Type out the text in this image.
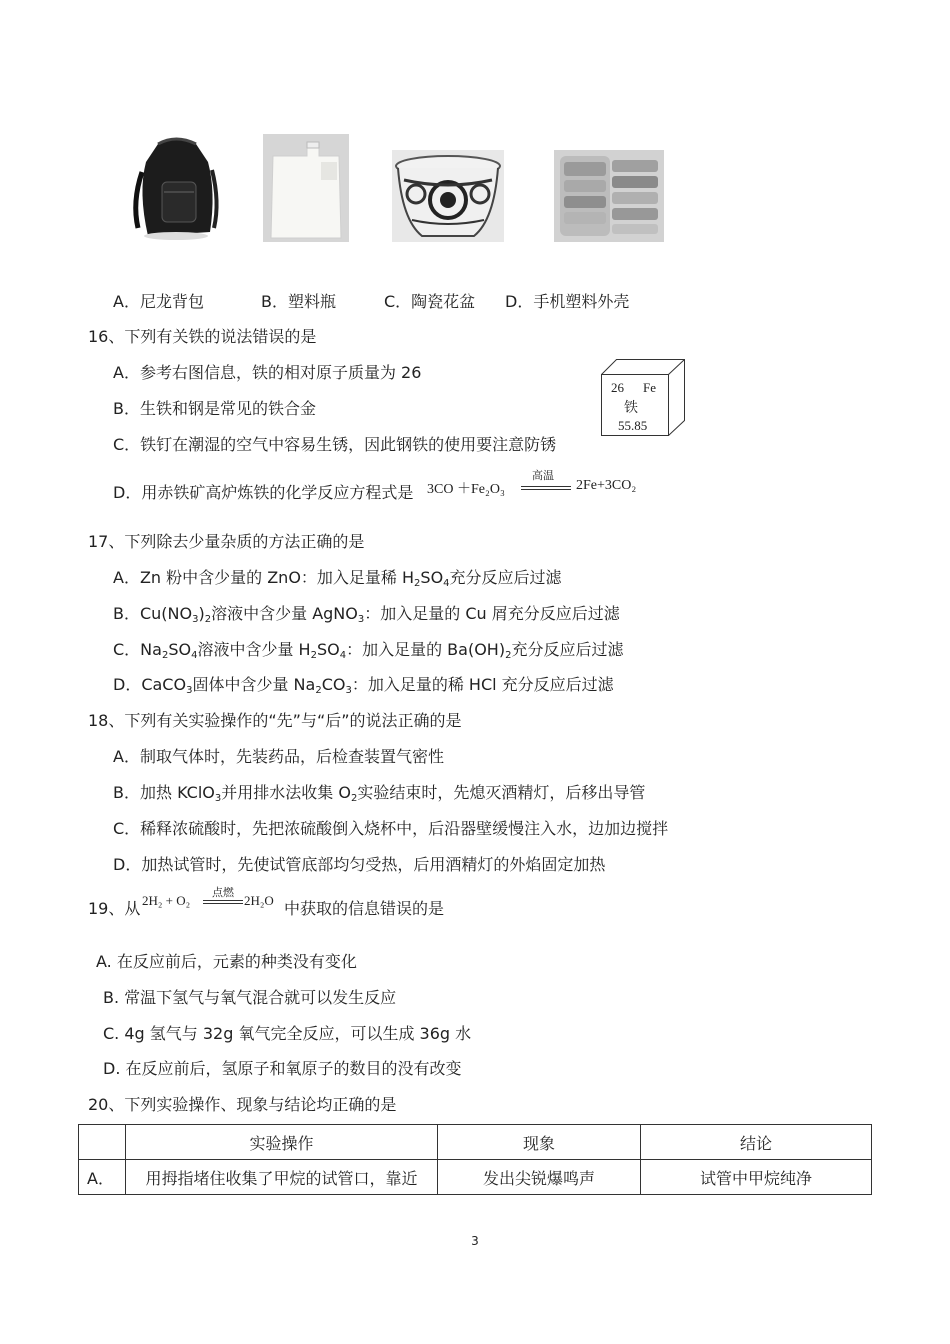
A．尼龙背包	B．塑料瓶	C．陶瓷花盆 D．手机塑料外壳
16、下列有关铁的说法错误的是
A．参考右图信息，铁的相对原子质量为 26
B．生铁和钢是常见的铁合金
C．铁钉在潮湿的空气中容易生锈，因此钢铁的使用要注意防锈
D．用赤铁矿高炉炼铁的化学反应方程式是 3CO ＋Fe₂O₃
高温
2Fe+3CO₂
26 Fe
铁
55.85
17、下列除去少量杂质的方法正确的是
A．Zn 粉中含少量的 ZnO：加入足量稀 $H_2SO_4$充分反应后过滤
B．$Cu(NO_3)_2$溶液中含少量 AgNO$_3$：加入足量的 Cu 屑充分反应后过滤
C．$Na_2SO_4$溶液中含少量 $H_2SO_4$：加入足量的 $Ba(OH)_2$充分反应后过滤
D．CaCO$_3$固体中含少量 $Na_2CO_3$：加入足量的稀 HCl 充分反应后过滤
18、下列有关实验操作的“先”与“后”的说法正确的是
A．制取气体时，先装药品，后检查装置气密性
B．加热 KClO$_3$并用排水法收集 $O_2$实验结束时，先熄灭酒精灯，后移出导管
C．稀释浓硫酸时，先把浓硫酸倒入烧杯中，后沿器壁缓慢注入水，边加边搅拌
D．加热试管时，先使试管底部均匀受热，后用酒精灯的外焰固定加热
19、从 2H₂ + O₂
点燃
2H₂O 中获取的信息错误的是
A. 在反应前后，元素的种类没有变化
B. 常温下氢气与氧气混合就可以发生反应
C. 4g 氢气与 32g 氧气完全反应，可以生成 36g 水
D. 在反应前后，氢原子和氧原子的数目的没有改变
20、下列实验操作、现象与结论均正确的是
	实验操作	现象	结论
A．	用拇指堵住收集了甲烷的试管口，靠近	发出尖锐爆鸣声	试管中甲烷纯净
3
